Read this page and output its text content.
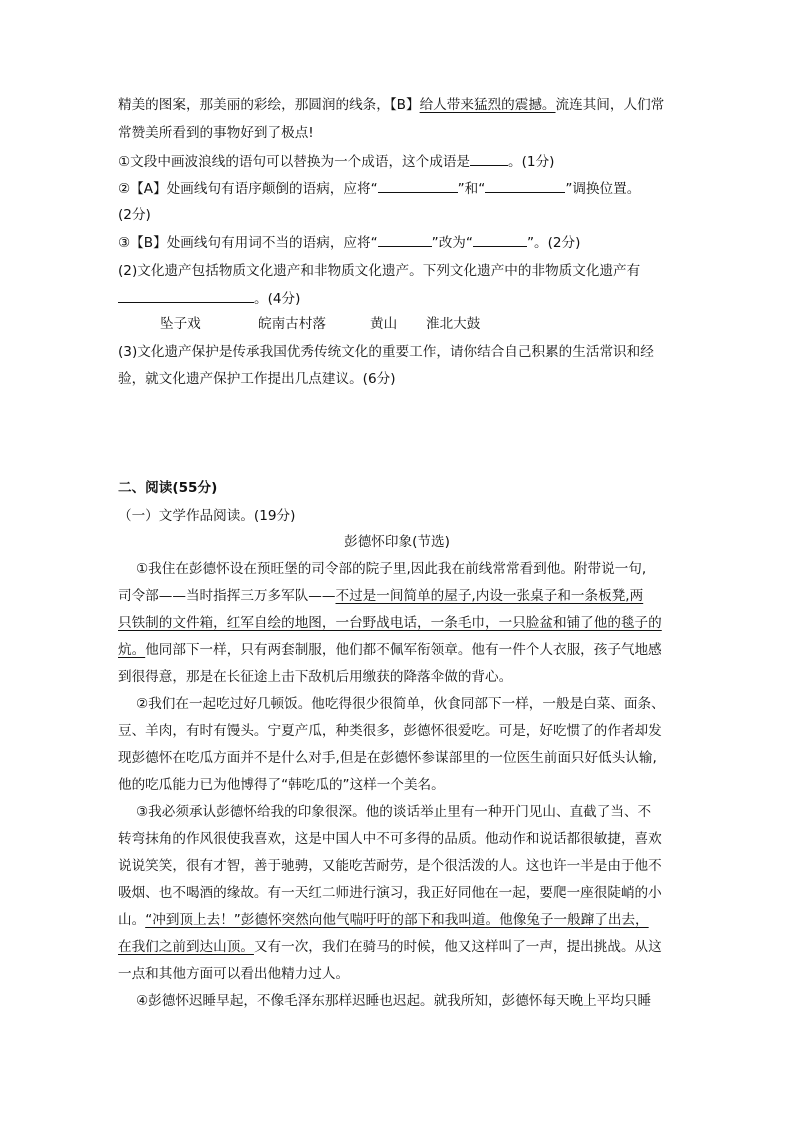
精美的图案，那美丽的彩绘，那圆润的线条，【B】给人带来猛烈的震撼。流连其间，人们常
常赞美所看到的事物好到了极点!
①文段中画波浪线的语句可以替换为一个成语，这个成语是	。(1分)
②【A】处画线句有语序颠倒的语病，应将“	”和“	”调换位置。
(2分)
③【B】处画线句有用词不当的语病，应将“	”改为“	”。(2分)
(2)文化遗产包括物质文化遗产和非物质文化遗产。下列文化遗产中的非物质文化遗产有
。(4分)
坠子戏	皖南古村落	黄山 淮北大鼓
(3)文化遗产保护是传承我国优秀传统文化的重要工作，请你结合自己积累的生活常识和经
验，就文化遗产保护工作提出几点建议。(6分)
二、阅读(55分)
（一）文学作品阅读。(19分)
彭德怀印象(节选)
①我住在彭德怀设在预旺堡的司令部的院子里,因此我在前线常常看到他。附带说一句,
司令部——当时指挥三万多军队——不过是一间简单的屋子,内设一张桌子和一条板凳,两
只铁制的文件箱，红军自绘的地图，一台野战电话，一条毛巾，一只脸盆和铺了他的毯子的
炕。他同部下一样，只有两套制服，他们都不佩军衔领章。他有一件个人衣服，孩子气地感
到很得意，那是在长征途上击下敌机后用缴获的降落伞做的背心。
②我们在一起吃过好几顿饭。他吃得很少很简单，伙食同部下一样，一般是白菜、面条、
豆、羊肉，有时有馒头。宁夏产瓜，种类很多，彭德怀很爱吃。可是，好吃惯了的作者却发
现彭德怀在吃瓜方面并不是什么对手,但是在彭德怀参谋部里的一位医生前面只好低头认输,
他的吃瓜能力已为他博得了“韩吃瓜的”这样一个美名。
③我必须承认彭德怀给我的印象很深。他的谈话举止里有一种开门见山、直截了当、不
转弯抹角的作风很使我喜欢，这是中国人中不可多得的品质。他动作和说话都很敏捷，喜欢
说说笑笑，很有才智，善于驰骋，又能吃苦耐劳，是个很活泼的人。这也许一半是由于他不
吸烟、也不喝酒的缘故。有一天红二师进行演习，我正好同他在一起，要爬一座很陡峭的小
山。“冲到顶上去！”彭德怀突然向他气喘吁吁的部下和我叫道。他像兔子一般蹿了出去，
在我们之前到达山顶。又有一次，我们在骑马的时候，他又这样叫了一声，提出挑战。从这
一点和其他方面可以看出他精力过人。
④彭德怀迟睡早起，不像毛泽东那样迟睡也迟起。就我所知，彭德怀每天晚上平均只睡
